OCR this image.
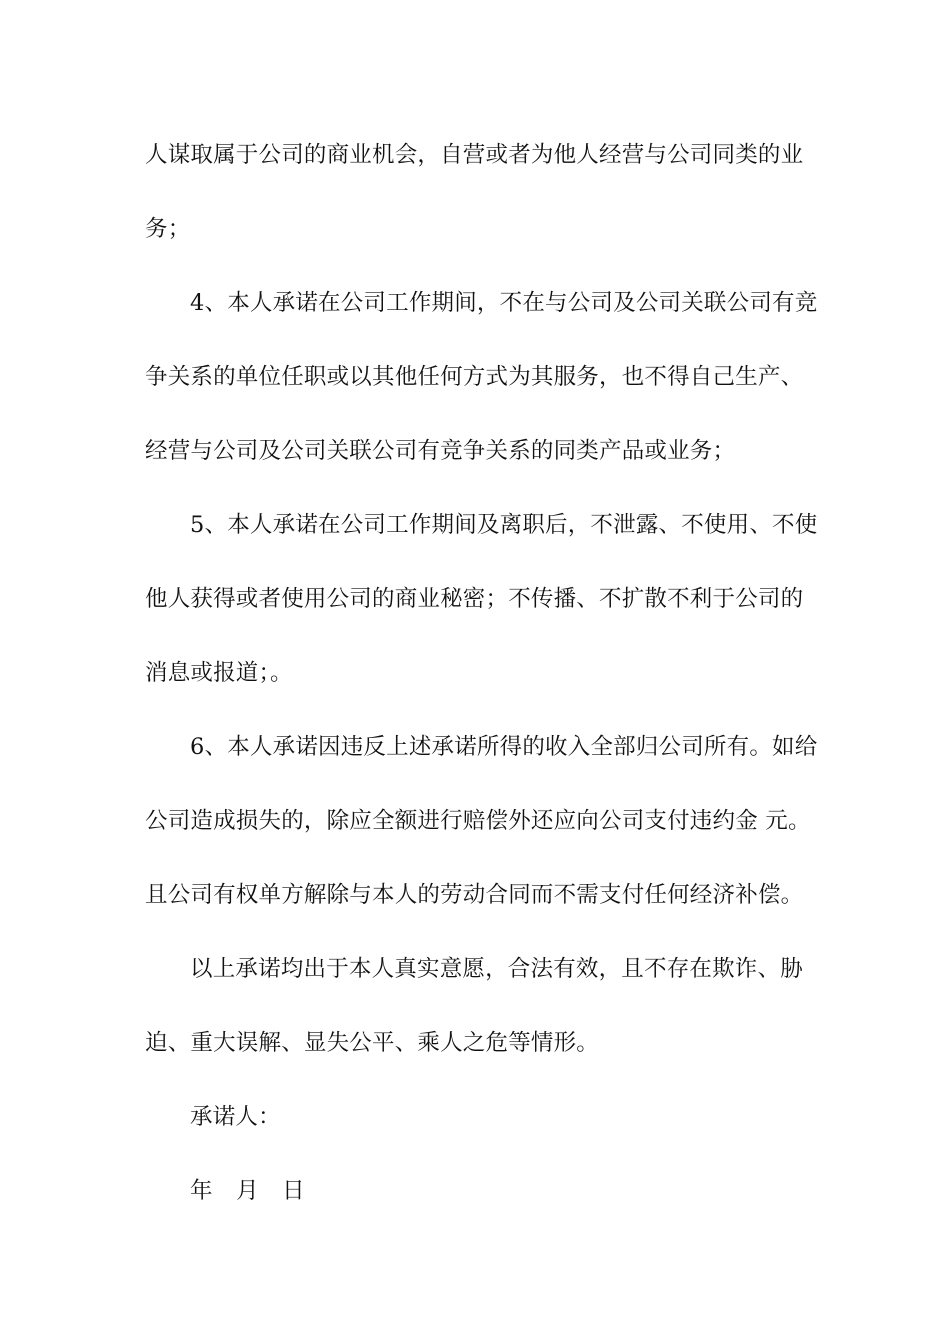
人谋取属于公司的商业机会，自营或者为他人经营与公司同类的业
务；
4、本人承诺在公司工作期间，不在与公司及公司关联公司有竞
争关系的单位任职或以其他任何方式为其服务，也不得自己生产、
经营与公司及公司关联公司有竞争关系的同类产品或业务；
5、本人承诺在公司工作期间及离职后，不泄露、不使用、不使
他人获得或者使用公司的商业秘密；不传播、不扩散不利于公司的
消息或报道；。
6、本人承诺因违反上述承诺所得的收入全部归公司所有。如给
公司造成损失的，除应全额进行赔偿外还应向公司支付违约金 元。
且公司有权单方解除与本人的劳动合同而不需支付任何经济补偿。
以上承诺均出于本人真实意愿，合法有效，且不存在欺诈、胁
迫、重大误解、显失公平、乘人之危等情形。
承诺人：
年 月 日
